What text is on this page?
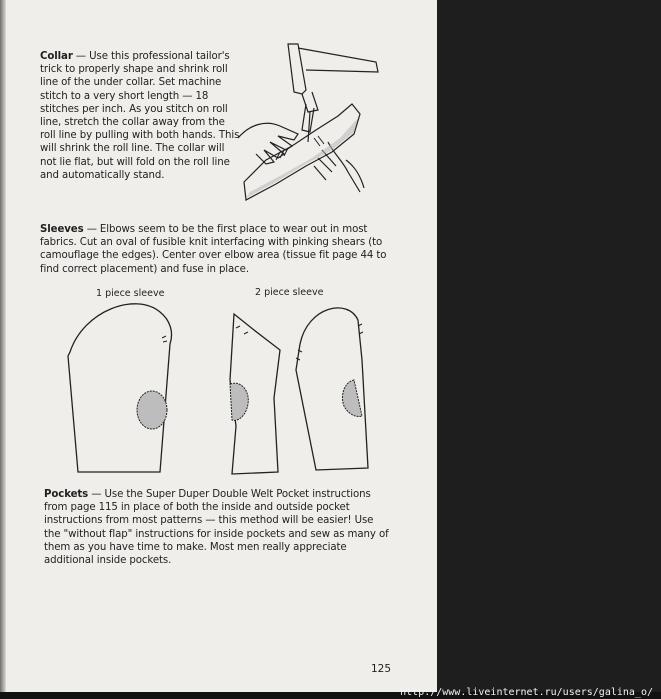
Collar — Use this professional tailor's trick to properly shape and shrink roll line of the under collar. Set machine stitch to a very short length — 18 stitches per inch. As you stitch on roll line, stretch the collar away from the roll line by pulling with both hands. This will shrink the roll line. The collar will not lie flat, but will fold on the roll line and automatically stand.
Sleeves — Elbows seem to be the first place to wear out in most fabrics. Cut an oval of fusible knit interfacing with pinking shears (to camouflage the edges). Center over elbow area (tissue fit page 44 to find correct placement) and fuse in place.
1 piece sleeve	2 piece sleeve
Pockets — Use the Super Duper Double Welt Pocket instructions from page 115 in place of both the inside and outside pocket instructions from most patterns — this method will be easier! Use the "without flap" instructions for inside pockets and sew as many of them as you have time to make. Most men really appreciate additional inside pockets.
125
http://www.liveinternet.ru/users/galina_o/
